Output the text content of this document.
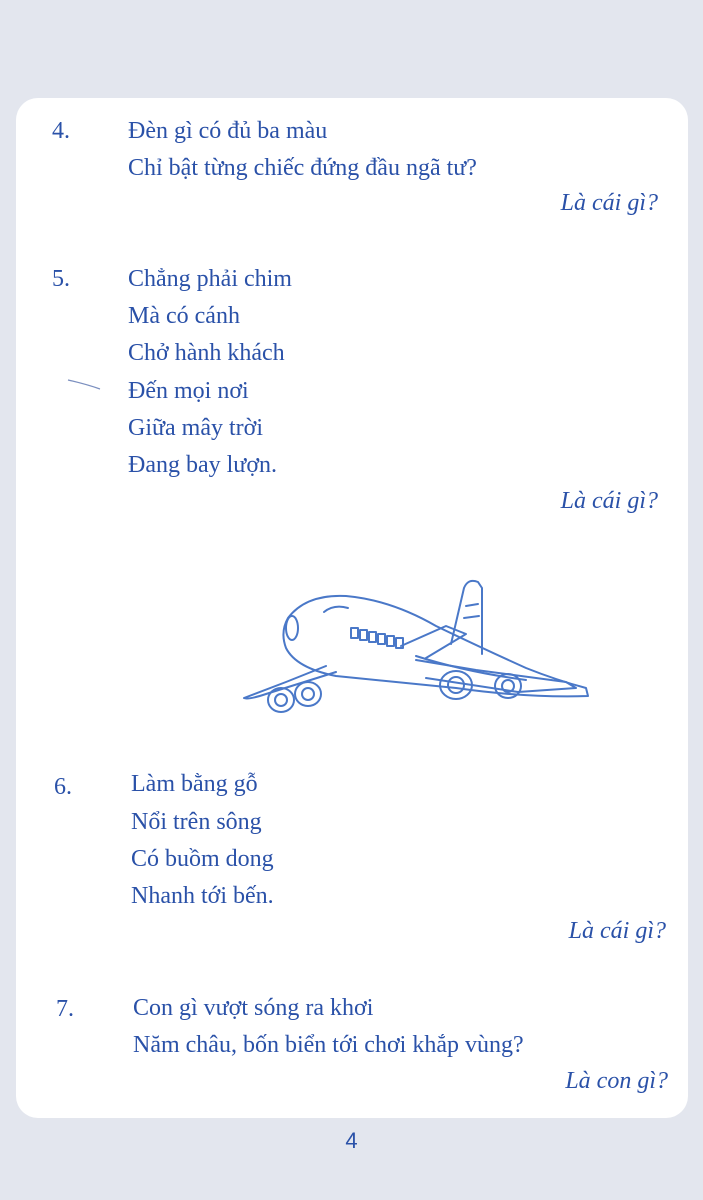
4. Đèn gì có đủ ba màu
Chỉ bật từng chiếc đứng đầu ngã tư?
Là cái gì?
5. Chẳng phải chim
Mà có cánh
Chở hành khách
Đến mọi nơi
Giữa mây trời
Đang bay lượn.
Là cái gì?
6. Làm bằng gỗ
Nổi trên sông
Có buồm dong
Nhanh tới bến.
Là cái gì?
7. Con gì vượt sóng ra khơi
Năm châu, bốn biển tới chơi khắp vùng?
Là con gì?
4
